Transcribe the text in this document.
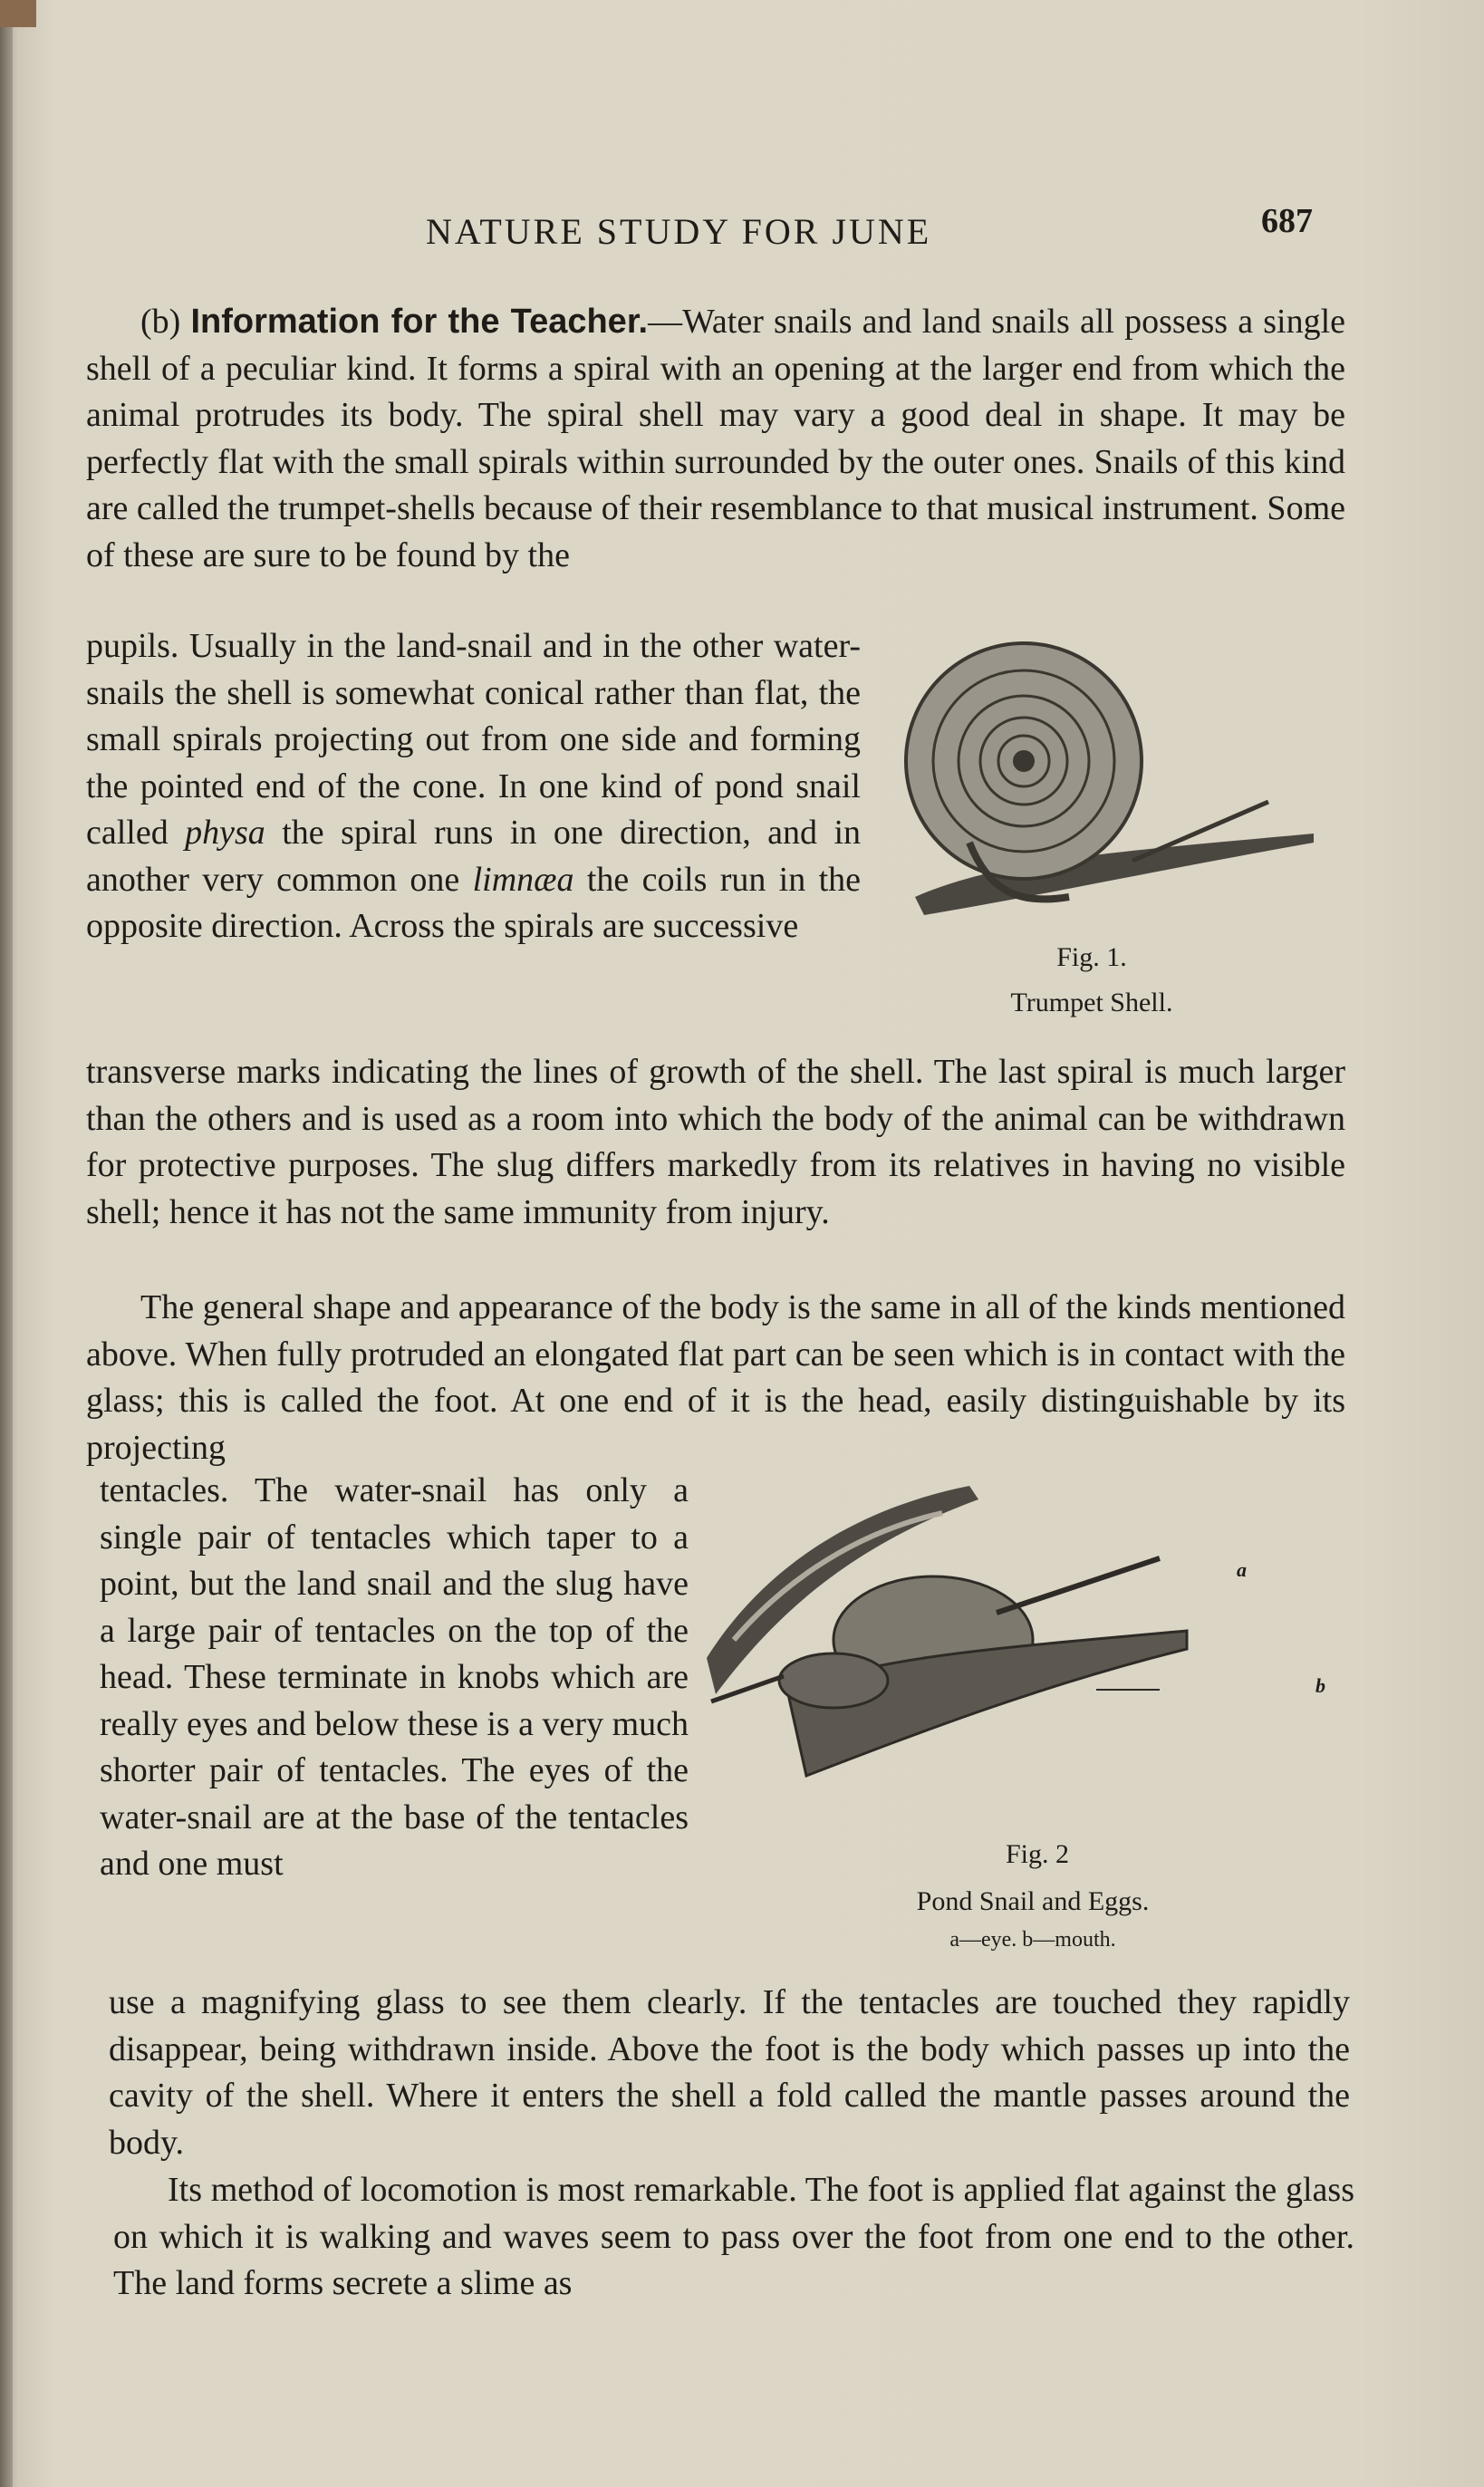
NATURE STUDY FOR JUNE	687
(b) Information for the Teacher.—Water snails and land snails all possess a single shell of a peculiar kind. It forms a spiral with an opening at the larger end from which the animal protrudes its body. The spiral shell may vary a good deal in shape. It may be perfectly flat with the small spirals within surrounded by the outer ones. Snails of this kind are called the trumpet-shells because of their resemblance to that musical instrument. Some of these are sure to be found by the
pupils. Usually in the land-snail and in the other water-snails the shell is somewhat conical rather than flat, the small spirals projecting out from one side and forming the pointed end of the cone. In one kind of pond snail called physa the spiral runs in one direction, and in another very common one limnæa the coils run in the opposite direction. Across the spirals are successive
Fig. 1.
Trumpet Shell.
transverse marks indicating the lines of growth of the shell. The last spiral is much larger than the others and is used as a room into which the body of the animal can be withdrawn for protective purposes. The slug differs markedly from its relatives in having no visible shell; hence it has not the same immunity from injury.
The general shape and appearance of the body is the same in all of the kinds mentioned above. When fully protruded an elongated flat part can be seen which is in contact with the glass; this is called the foot. At one end of it is the head, easily distinguishable by its projecting
tentacles. The water-snail has only a single pair of tentacles which taper to a point, but the land snail and the slug have a large pair of tentacles on the top of the head. These terminate in knobs which are really eyes and below these is a very much shorter pair of tentacles. The eyes of the water-snail are at the base of the tentacles and one must
a
b
Fig. 2
Pond Snail and Eggs.
a—eye. b—mouth.
use a magnifying glass to see them clearly. If the tentacles are touched they rapidly disappear, being withdrawn inside. Above the foot is the body which passes up into the cavity of the shell. Where it enters the shell a fold called the mantle passes around the body.
Its method of locomotion is most remarkable. The foot is applied flat against the glass on which it is walking and waves seem to pass over the foot from one end to the other. The land forms secrete a slime as
